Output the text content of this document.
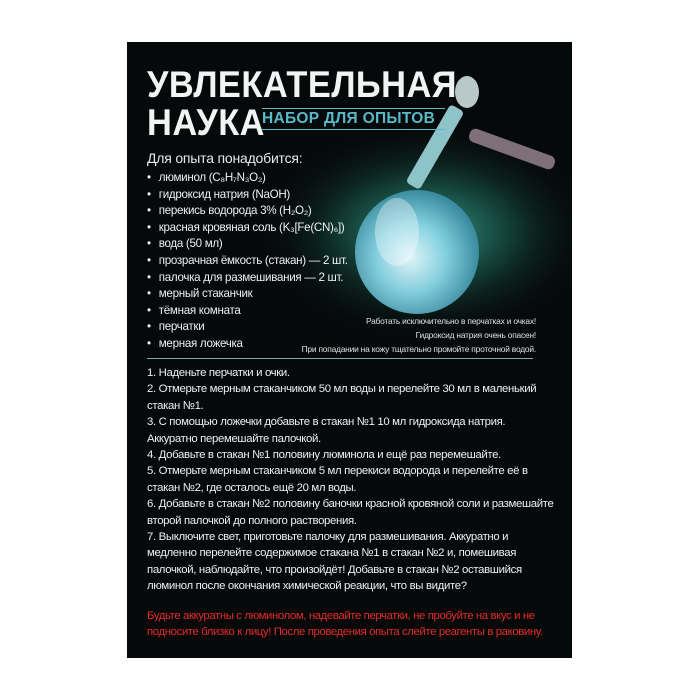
УВЛЕКАТЕЛЬНАЯ
НАУКА
НАБОР ДЛЯ ОПЫТОВ
Для опыта понадобится:
• люминол (C₈H₇N₃O₂)
• гидроксид натрия (NaOH)
• перекись водорода 3% (H₂O₂)
• красная кровяная соль (K₃[Fe(CN)₆])
• вода (50 мл)
• прозрачная ёмкость (стакан) — 2 шт.
• палочка для размешивания — 2 шт.
• мерный стаканчик
• тёмная комната
• перчатки
• мерная ложечка
Работать исключительно в перчатках и очках!
Гидроксид натрия очень опасен!
При попадании на кожу тщательно промойте проточной водой.
1. Наденьте перчатки и очки.
2. Отмерьте мерным стаканчиком 50 мл воды и перелейте 30 мл в маленький стакан №1.
3. С помощью ложечки добавьте в стакан №1 10 мл гидроксида натрия. Аккуратно перемешайте палочкой.
4. Добавьте в стакан №1 половину люминола и ещё раз перемешайте.
5. Отмерьте мерным стаканчиком 5 мл перекиси водорода и перелейте её в стакан №2, где осталось ещё 20 мл воды.
6. Добавьте в стакан №2 половину баночки красной кровяной соли и размешайте второй палочкой до полного растворения.
7. Выключите свет, приготовьте палочку для размешивания. Аккуратно и медленно перелейте содержимое стакана №1 в стакан №2 и, помешивая палочкой, наблюдайте, что произойдёт! Добавьте в стакан №2 оставшийся люминол после окончания химической реакции, что вы видите?
Будьте аккуратны с люминолом, надевайте перчатки, не пробуйте на вкус и не подносите близко к лицу! После проведения опыта слейте реагенты в раковину.
